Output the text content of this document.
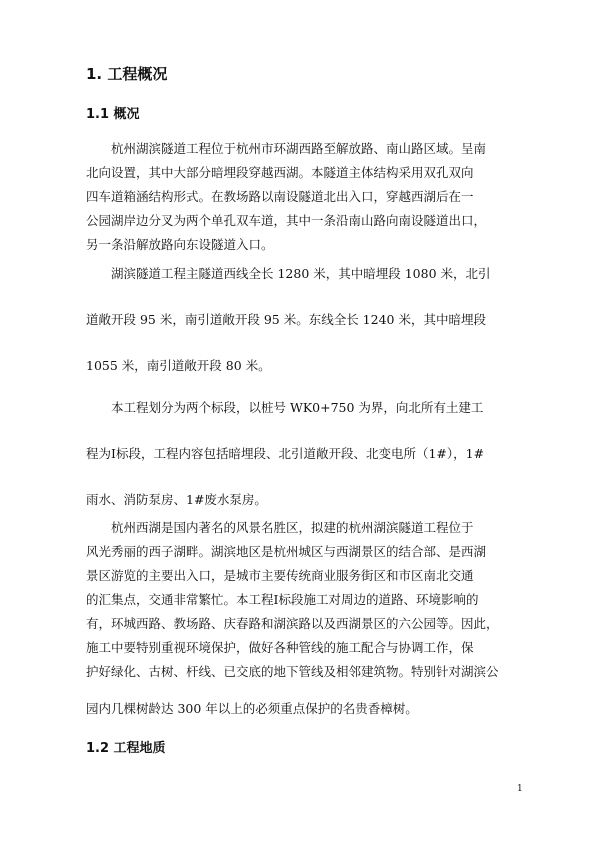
1. 工程概况
1.1 概况
杭州湖滨隧道工程位于杭州市环湖西路至解放路、南山路区域。呈南
北向设置，其中大部分暗埋段穿越西湖。本隧道主体结构采用双孔双向
四车道箱涵结构形式。在教场路以南设隧道北出入口，穿越西湖后在一
公园湖岸边分叉为两个单孔双车道，其中一条沿南山路向南设隧道出口，
另一条沿解放路向东设隧道入口。
湖滨隧道工程主隧道西线全长 1280 米，其中暗埋段 1080 米，北引
道敞开段 95 米，南引道敞开段 95 米。东线全长 1240 米，其中暗埋段
1055 米，南引道敞开段 80 米。
本工程划分为两个标段，以桩号 WK0+750 为界，向北所有土建工
程为Ⅰ标段，工程内容包括暗埋段、北引道敞开段、北变电所（1#），1#
雨水、消防泵房、1#废水泵房。
杭州西湖是国内著名的风景名胜区，拟建的杭州湖滨隧道工程位于
风光秀丽的西子湖畔。湖滨地区是杭州城区与西湖景区的结合部、是西湖
景区游览的主要出入口，是城市主要传统商业服务街区和市区南北交通
的汇集点，交通非常繁忙。本工程Ⅰ标段施工对周边的道路、环境影响的
有，环城西路、教场路、庆春路和湖滨路以及西湖景区的六公园等。因此，
施工中要特别重视环境保护，做好各种管线的施工配合与协调工作，保
护好绿化、古树、杆线、已交底的地下管线及相邻建筑物。特别针对湖滨公
园内几棵树龄达 300 年以上的必须重点保护的名贵香樟树。
1.2 工程地质
1
